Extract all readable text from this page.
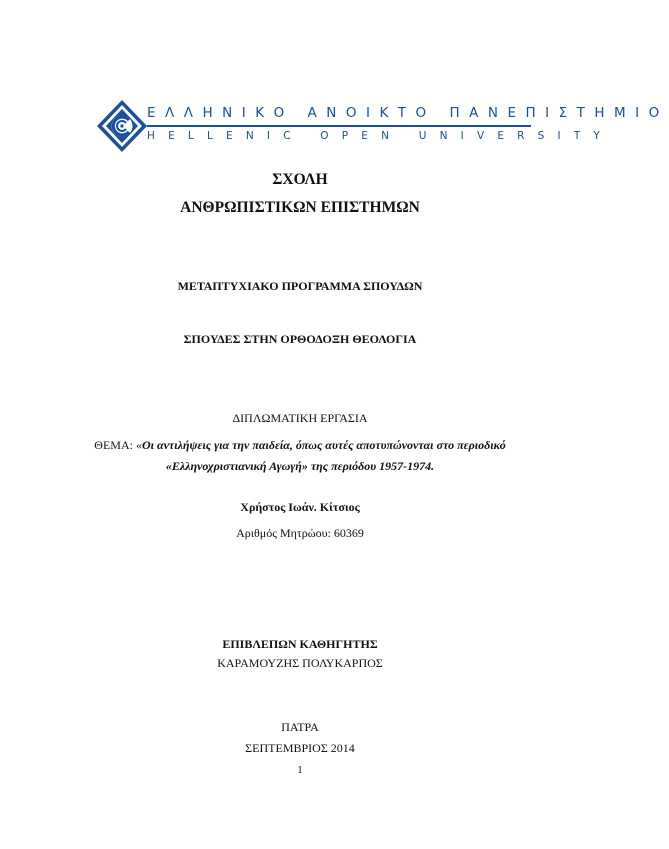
ΕΛΛΗΝΙΚΟ ΑΝΟΙΚΤΟ ΠΑΝΕΠΙΣΤΗΜΙΟ
HELLENIC OPEN UNIVERSITY
ΣΧΟΛΗ
ΑΝΘΡΩΠΙΣΤΙΚΩΝ ΕΠΙΣΤΗΜΩΝ
ΜΕΤΑΠΤΥΧΙΑΚΟ ΠΡΟΓΡΑΜΜΑ ΣΠΟΥΔΩΝ
ΣΠΟΥΔΕΣ ΣΤΗΝ ΟΡΘΟΔΟΞΗ ΘΕΟΛΟΓΙΑ
ΔΙΠΛΩΜΑΤΙΚΗ ΕΡΓΑΣΙΑ
ΘΕΜΑ: «Οι αντιλήψεις για την παιδεία, όπως αυτές αποτυπώνονται στο περιοδικό
«Ελληνοχριστιανική Αγωγή» της περιόδου 1957-1974.
Χρήστος Ιωάν. Κίτσιος
Αριθμός Μητρώου: 60369
ΕΠΙΒΛΕΠΩΝ ΚΑΘΗΓΗΤΗΣ
ΚΑΡΑΜΟΥΖΗΣ ΠΟΛΥΚΑΡΠΟΣ
ΠΑΤΡΑ
ΣΕΠΤΕΜΒΡΙΟΣ 2014
1
